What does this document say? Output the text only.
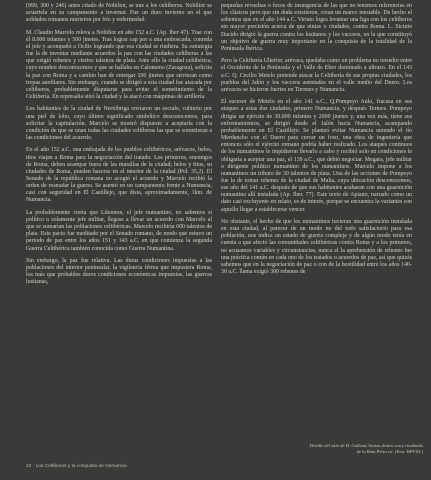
(999, 300 y 246) antes citado de Nobilior, se une a los celtíberos. Nobilior se acuartela en su campamento a invernar. Fue un duro invierno en el que soldados romanos murieron por frío y enfermedad.

M. Claudio Marcelo releva a Nobilior en año 152 a.C. (Ap. Iber 47). Trae con él 8.000 infantes y 500 jinetes. Tras lograr cap por a una emboscada, conreda el jefe y acompañó a Ocilis logrando que esa ciudad se rindiera. Su estrategia fue la de inventar mediante acuerdos la paz con las ciudades celtíberas a las que exigió rehenes y ciertos talentos de plata. Ante ello la ciudad celtibérica, cuyo nombre desconocemos y que se hallaba en Calomeno (Zaragoza), solicita la paz con Roma y a cambio han de entregar 100 jinetes que sirvieran como tropas auxiliares. Sin embargo, cuando se dirigió a esta ciudad fue atacada por celtíberos, probablemente disputarse para evitar el sometimiento de la Celtibería. En represalia sitió la ciudad y la atacó con máquinas de artillería.

Los habitantes de la ciudad de Nertóbriga enviaron un escudo, cubierto por una piel de lobo, cuyo último significado simbólico desconocemos, para solicitar la capitulación. Marcelo se mostró dispuesto a aceptarla con la condición de que se unan todas las ciudades celtíberas las que se sometieran a las condiciones del acuerdo.

En el año 152 a.C. una embajada de los pueblos celtibéricos, arévacos, belos, titos viajan a Roma para la negociación del tratado. Los primeros, enemigos de Roma, deben acampar fuera de las murallas de la ciudad; belos y titos, su ciudades de Roma, pueden hacerse en el interior de la ciudad (Pol. 35,2). El Senado de la república romana no acogió el acuerdo y Marcelo recibió la orden de reanudar la guerra. Se asentó en un campamento frente a Numancia, casi con seguridad en El Castillejo, que dista, aproximadamente, 1km. de Numancia.

La probablemente cierta que Lilennon, el jefe numantino, no sabemos si político o solamente jefe militar, llegase a llevar un acuerdo con Marcelo al que se sumarían las poblaciones celtibéricas. Marcelo recibiría 600 talentos de plata. Este pacto fue meditado por el Senado romano, de modo que estuvo un periodo de paz entre los años 151 y 143 a.C. en que comienza la segunda Guerra Celtibérica también conocida como Guerra Numantina.

Sin embargo, la paz fue relativa. Las duras condiciones impuestas a las poblaciones del interior peninsular, la vigilancia férrea que impusiera Roma, los más que probables duros condiciones económicas impuestas, las guerras lusitanas,

pequeñas revueltas o focos de insurgencia de las que no tenemos referencias en los clásicos pero que sin duda existieron, crean un marco inestable. De hecho el sabemos que en el año 144 a.C. Viriato logra levantar una liga con los celtíberos sin mayor precisión acerca de que etnias o ciudades, contra Roma. L. Sicinio Dacido dirigió la guerra contra los lusitanos y los vacceos, en la que constituyó un objetivo de guerra muy importante en la conquista de la totalidad de la Península Ibérica.

Pero la Celtibería Ulterior, arévaca, quedaba como un problema no resuelto entre el Occidente de la Península y el Valle de Ebro dominado a ultrazo. En el 143 a.C. Q. Cecilio Metelo pretende atacar la Celtibería de sus propias ciudades, los pueblos del Jalón y los vacceos asentados en el valle medio del Duero. Los arévacos se hicieron fuertes en Tiermes y Numancia.

El sucesor de Metelo en el año 141 a.C., Q.Pompeyo Aulo, fracasa en sus ataques a estas dos ciudades, primero Numancia, y después Termes. Pompeyo dirigía un ejército de 30.000 infantes y 2000 jinetes y, una vez más, tiene sus enfrentamientos, se dirigió desde el Jalón hacia Numancia, acampando probablemente en El Castillejo. Se planteó evitar Numancia uniendo el río Merdancho con el Duero para cercar un foso, una obra de ingeniería que entonces sólo el ejército romano podría haber realizado. Los ataques continuos de los numantinos le impidieron llevarlo a cabo y recibió solo en condiciones le obligaría a aceptar una paz, el 139 a.C., que debió negociar. Megara, jefe militar o dirigente político numantino de los numantinos. Marcelo impone a los numantinos un tributo de 30 talentos de plata. Una de las acciones de Pompeyo fue la de tomar rehenes de la ciudad de Malia, cuya ubicación desconocemos, ese año del 141 a.C. después de que sus habitantes acabaran con una guarnición numantina allí instalada (Ap. Iber. 77). Este texto de Apiano, narrado como un dato casi excluyente en relato, es de interés, porque se encuentra la variantes son aquello llegar a establecerse vencer.

No obstante, el hecho de que los numantinos tuvieran una guarnición instalada en esta ciudad, al parecer de un modo no del todo satisfactorio para esa población, nos indica un estado de guerra compleja y de algún modo tenía en cuenta a que afectó las comunidades celtibéricas contra Roma y a los primeros, no acusamos variables y circunstancias, nunca el la aprehensión de rehenes fue una práctica común en cada uno de los tratados o acuerdos de paz, así que quizás sabemos que en la negociación de paz o con de la hostilidad entre los años 140-30 a.C. llama exigió 300 rehenes de

Detalle del sitio de H. Galletas Araiza dentro con y rondando de la Ruta Pérez ca. (Tera. BPF.03.)
10 · Los Celtíberos y la conquista de Numancia
